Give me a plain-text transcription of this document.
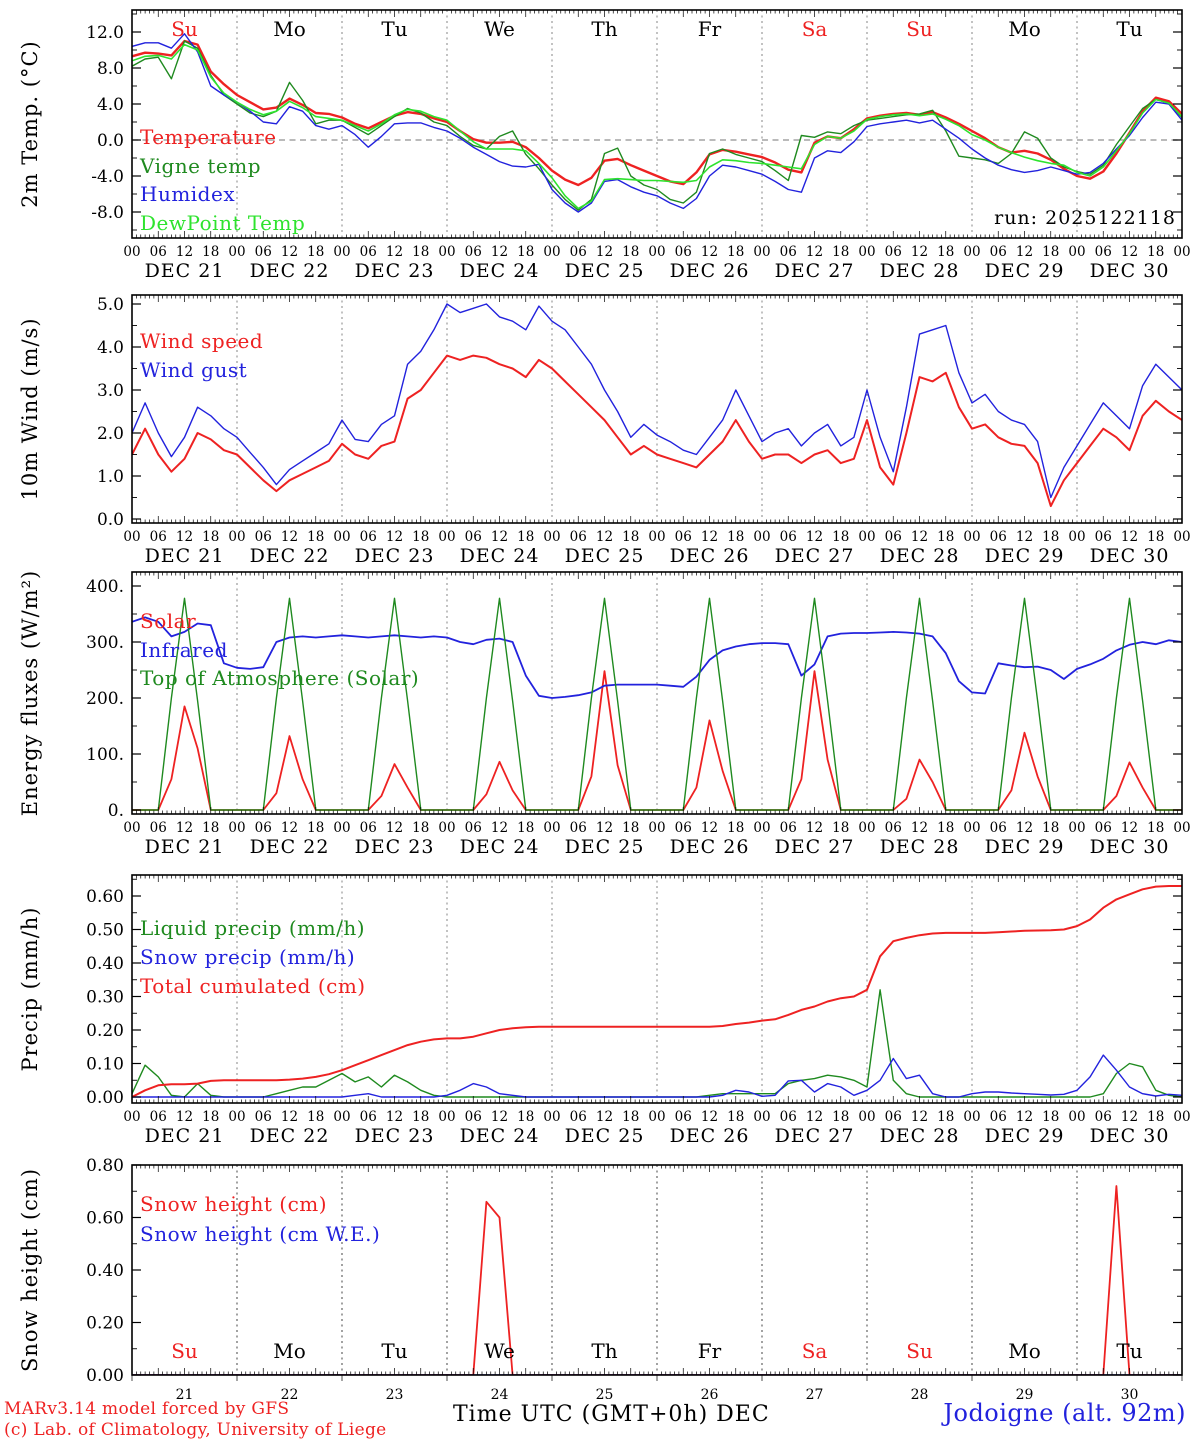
12.0
8.0
4.0
0.0
-4.0
-8.0
00 06 12 18 00 06 12 18 00 06 12 18 00 06 12 18 00 06 12 18 00 06 12 18 00 06 12 18 00 06 12 18 00 06 12 18 00 06 12 18 00
DEC 21 DEC 22 DEC 23 DEC 24 DEC 25 DEC 26 DEC 27 DEC 28 DEC 29 DEC 30
Su	Mo	Tu	We	Th	Fr	Sa	Su	Mo	Tu
5.0
4.0
3.0
2.0
1.0
0.0
00 06 12 18 00 06 12 18 00 06 12 18 00 06 12 18 00 06 12 18 00 06 12 18 00 06 12 18 00 06 12 18 00 06 12 18 00 06 12 18 00
DEC 21 DEC 22 DEC 23 DEC 24 DEC 25 DEC 26 DEC 27 DEC 28 DEC 29 DEC 30
400.
300.
200.
100.
0.
00 06 12 18 00 06 12 18 00 06 12 18 00 06 12 18 00 06 12 18 00 06 12 18 00 06 12 18 00 06 12 18 00 06 12 18 00 06 12 18 00
DEC 21 DEC 22 DEC 23 DEC 24 DEC 25 DEC 26 DEC 27 DEC 28 DEC 29 DEC 30
0.60
0.50
0.40
0.30
0.20
0.10
0.00
00 06 12 18 00 06 12 18 00 06 12 18 00 06 12 18 00 06 12 18 00 06 12 18 00 06 12 18 00 06 12 18 00 06 12 18 00 06 12 18 00
DEC 21 DEC 22 DEC 23 DEC 24 DEC 25 DEC 26 DEC 27 DEC 28 DEC 29 DEC 30
0.80
0.60
0.40
0.20
0.00
Su	Mo	Tu	We	Th	Fr	Sa	Su	Mo	Tu
21	22	23	24	25	26	27	28	29	30
2m Temp. (°C)
10m Wind (m/s)
Energy fluxes (W/m²)
Precip (mm/h)
Snow height (cm)
Temperature
Vigne temp
Humidex
DewPoint Temp
Wind speed
Wind gust
Solar
Infrared
Top of Atmosphere (Solar)
Liquid precip (mm/h)
Snow precip (mm/h)
Total cumulated (cm)
Snow height (cm)
Snow height (cm W.E.)
run: 2025122118
MARv3.14 model forced by GFS
(c) Lab. of Climatology, University of Liege
Time UTC (GMT+0h) DEC	Jodoigne (alt. 92m)
